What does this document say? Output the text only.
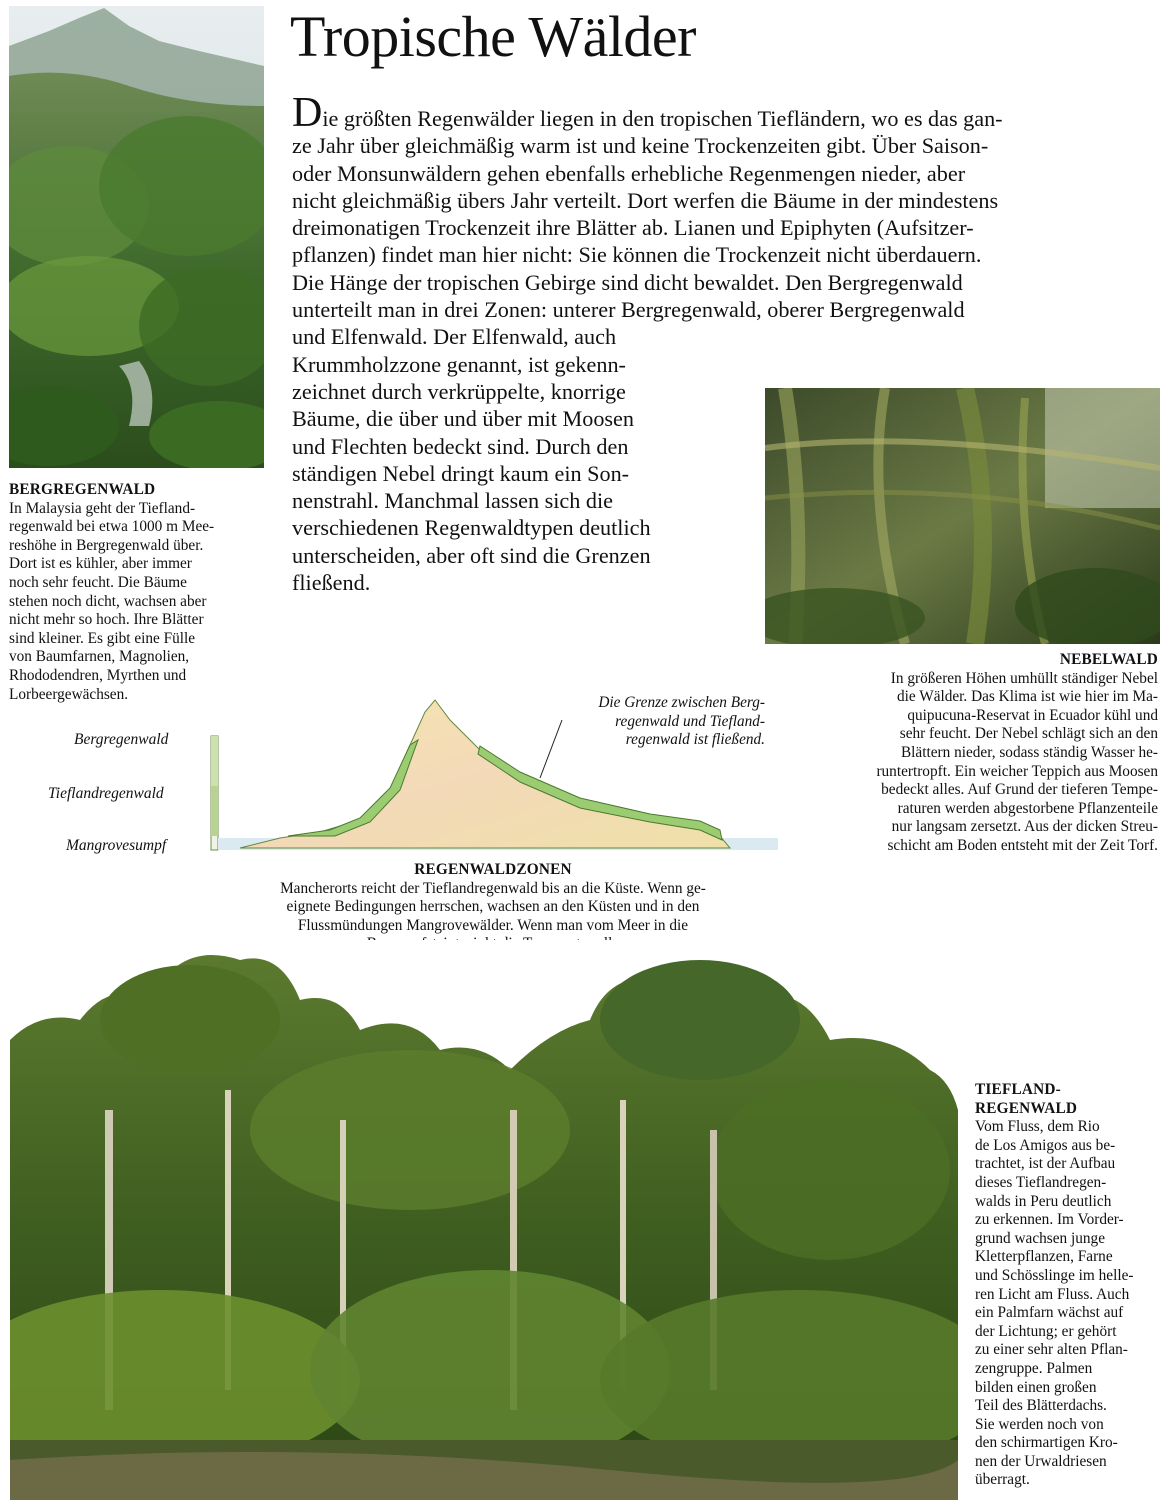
Tropische Wälder
Die größten Regenwälder liegen in den tropischen Tiefländern, wo es das gan-
ze Jahr über gleichmäßig warm ist und keine Trockenzeiten gibt. Über Saison-
oder Monsunwäldern gehen ebenfalls erhebliche Regenmengen nieder, aber
nicht gleichmäßig übers Jahr verteilt. Dort werfen die Bäume in der mindestens
dreimonatigen Trockenzeit ihre Blätter ab. Lianen und Epiphyten (Aufsitzer-
pflanzen) findet man hier nicht: Sie können die Trockenzeit nicht überdauern.
Die Hänge der tropischen Gebirge sind dicht bewaldet. Den Bergregenwald
unterteilt man in drei Zonen: unterer Bergregenwald, oberer Bergregenwald
und Elfenwald. Der Elfenwald, auch
Krummholzzone genannt, ist gekenn-
zeichnet durch verkrüppelte, knorrige
Bäume, die über und über mit Moosen
und Flechten bedeckt sind. Durch den
ständigen Nebel dringt kaum ein Son-
nenstrahl. Manchmal lassen sich die
verschiedenen Regenwaldtypen deutlich
unterscheiden, aber oft sind die Grenzen
fließend.
BERGREGENWALD
In Malaysia geht der Tiefland-
regenwald bei etwa 1000 m Mee-
reshöhe in Bergregenwald über.
Dort ist es kühler, aber immer
noch sehr feucht. Die Bäume
stehen noch dicht, wachsen aber
nicht mehr so hoch. Ihre Blätter
sind kleiner. Es gibt eine Fülle
von Baumfarnen, Magnolien,
Rhododendren, Myrthen und
Lorbeergewächsen.
NEBELWALD
In größeren Höhen umhüllt ständiger Nebel
die Wälder. Das Klima ist wie hier im Ma-
quipucuna-Reservat in Ecuador kühl und
sehr feucht. Der Nebel schlägt sich an den
Blättern nieder, sodass ständig Wasser he-
runtertropft. Ein weicher Teppich aus Moosen
bedeckt alles. Auf Grund der tieferen Tempe-
raturen werden abgestorbene Pflanzenteile
nur langsam zersetzt. Aus der dicken Streu-
schicht am Boden entsteht mit der Zeit Torf.
Bergregenwald
Tieflandregenwald
Mangrovesumpf
Die Grenze zwischen Berg-
regenwald und Tiefland-
regenwald ist fließend.
REGENWALDZONEN
Mancherorts reicht der Tieflandregenwald bis an die Küste. Wenn ge-
eignete Bedingungen herrschen, wachsen an den Küsten und in den
Flussmündungen Mangrovewälder. Wenn man vom Meer in die
TIEFLAND-
REGENWALD
Vom Fluss, dem Rio
de Los Amigos aus be-
trachtet, ist der Aufbau
dieses Tieflandregen-
walds in Peru deutlich
zu erkennen. Im Vorder-
grund wachsen junge
Kletterpflanzen, Farne
und Schösslinge im helle-
ren Licht am Fluss. Auch
ein Palmfarn wächst auf
der Lichtung; er gehört
zu einer sehr alten Pflan-
zengruppe. Palmen
bilden einen großen
Teil des Blätterdachs.
Sie werden noch von
den schirmartigen Kro-
nen der Urwaldriesen
überragt.
